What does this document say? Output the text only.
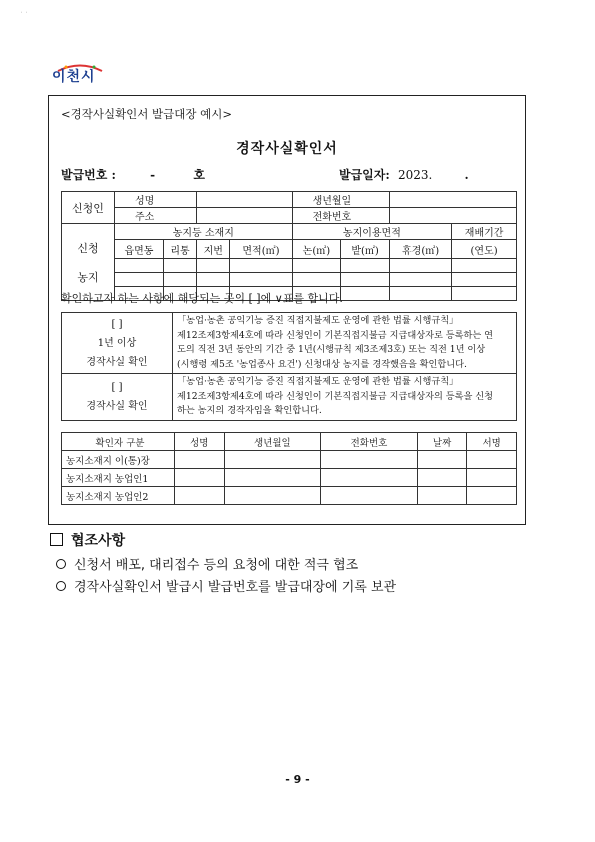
˙ ˙
이천시
<경작사실확인서 발급대장 예시>
경작사실확인서
발급번호 :	-	호	발급일자: 2023.	.
신청인	성명				생년월일			
	주소				전화번호			
신청

농지	농지등 소재지				농지이용면적			재배기간
	읍면동	리통	지번	면적(㎡)	논(㎡)	밭(㎡)	휴경(㎡)	(연도)

확인하고자 하는 사항에 해당되는 곳의 [ ]에 ∨표를 합니다.
[ ]
1년 이상
경작사실 확인	「농업·농촌 공익기능 증진 직접지불제도 운영에 관한 법률 시행규칙」
제12조제3항제4호에 따라 신청인이 기본직접지불금 지급대상자로 등록하는 연
도의 직전 3년 동안의 기간 중 1년(시행규칙 제3조제3호) 또는 직전 1년 이상
(시행령 제5조 '농업종사 요건') 신청대상 농지를 경작했음을 확인합니다.
[ ]
경작사실 확인	「농업·농촌 공익기능 증진 직접지불제도 운영에 관한 법률 시행규칙」
제12조제3항제4호에 따라 신청인이 기본직접지불금 지급대상자의 등록을 신청
하는 농지의 경작자임을 확인합니다.
확인자 구분	성명	생년월일	전화번호	날짜	서명
농지소재지 이(통)장					
농지소재지 농업인1					
농지소재지 농업인2					
협조사항
신청서 배포, 대리접수 등의 요청에 대한 적극 협조
경작사실확인서 발급시 발급번호를 발급대장에 기록 보관
- 9 -
